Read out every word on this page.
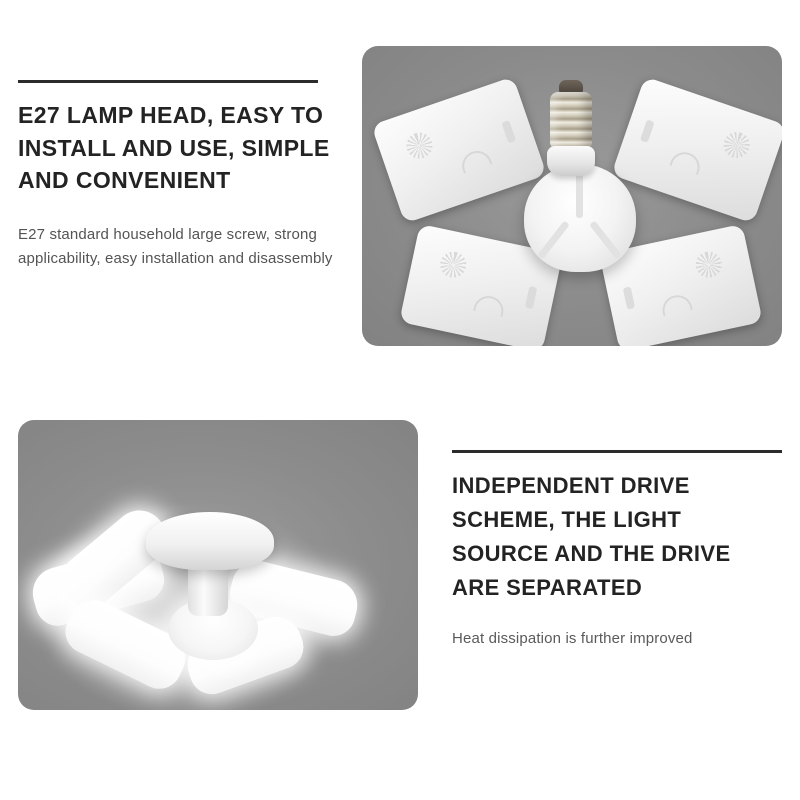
E27 LAMP HEAD, EASY TO INSTALL AND USE, SIMPLE AND CONVENIENT

E27 standard household large screw, strong applicability, easy installation and disassembly

INDEPENDENT DRIVE SCHEME, THE LIGHT SOURCE AND THE DRIVE ARE SEPARATED

Heat dissipation is further improved
